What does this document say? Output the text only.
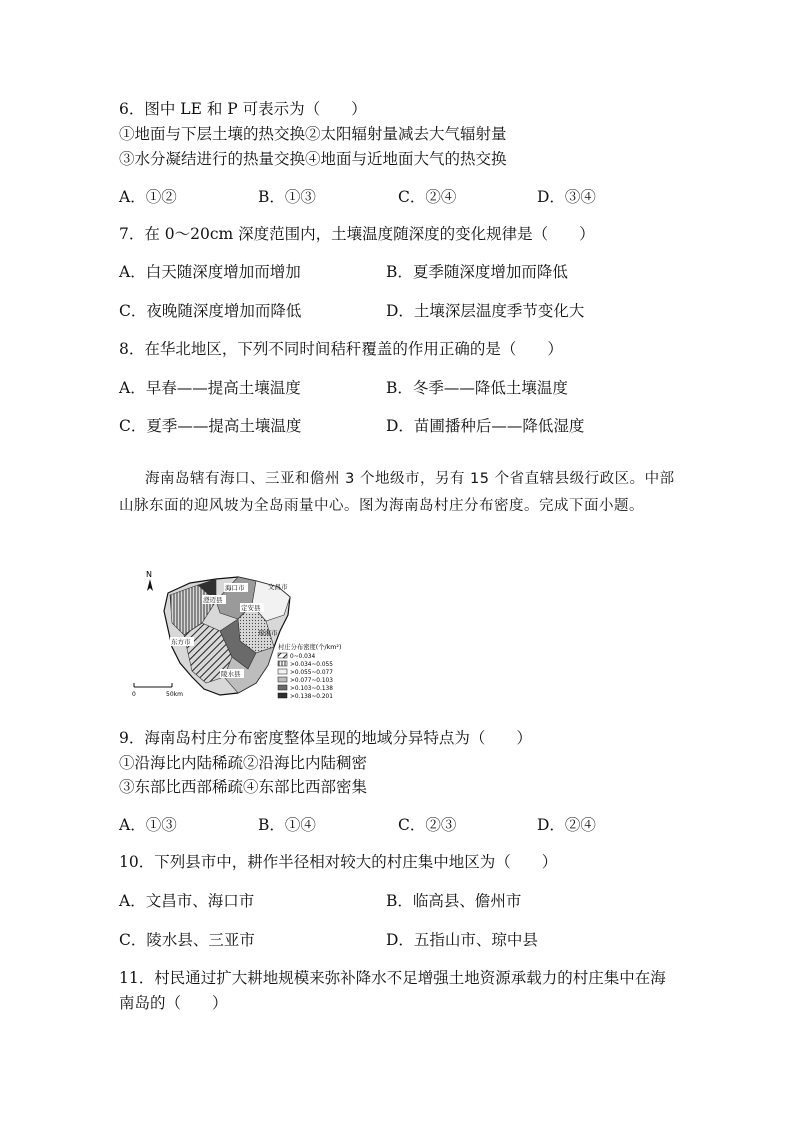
6．图中 LE 和 P 可表示为（　　）
①地面与下层土壤的热交换②太阳辐射量减去大气辐射量
③水分凝结进行的热量交换④地面与近地面大气的热交换
A．①②	B．①③	C．②④	D．③④
7．在 0～20cm 深度范围内，土壤温度随深度的变化规律是（　　）
A．白天随深度增加而增加	B．夏季随深度增加而降低
C．夜晚随深度增加而降低	D．土壤深层温度季节变化大
8．在华北地区，下列不同时间秸秆覆盖的作用正确的是（　　）
A．早春——提高土壤温度	B．冬季——降低土壤温度
C．夏季——提高土壤温度	D．苗圃播种后——降低湿度
海南岛辖有海口、三亚和儋州 3 个地级市，另有 15 个省直辖县级行政区。中部山脉东面的迎风坡为全岛雨量中心。图为海南岛村庄分布密度。完成下面小题。
N
海口市
澄迈县
文昌市
定安县
琼海市
东方市
陵水县
0	50km
村庄分布密度(个/km²)
0~0.034
>0.034~0.055
>0.055~0.077
>0.077~0.103
>0.103~0.138
>0.138~0.201
9．海南岛村庄分布密度整体呈现的地域分异特点为（　　）
①沿海比内陆稀疏②沿海比内陆稠密
③东部比西部稀疏④东部比西部密集
A．①③	B．①④	C．②③	D．②④
10．下列县市中，耕作半径相对较大的村庄集中地区为（　　）
A．文昌市、海口市	B．临高县、儋州市
C．陵水县、三亚市	D．五指山市、琼中县
11．村民通过扩大耕地规模来弥补降水不足增强土地资源承载力的村庄集中在海
南岛的（　　）
